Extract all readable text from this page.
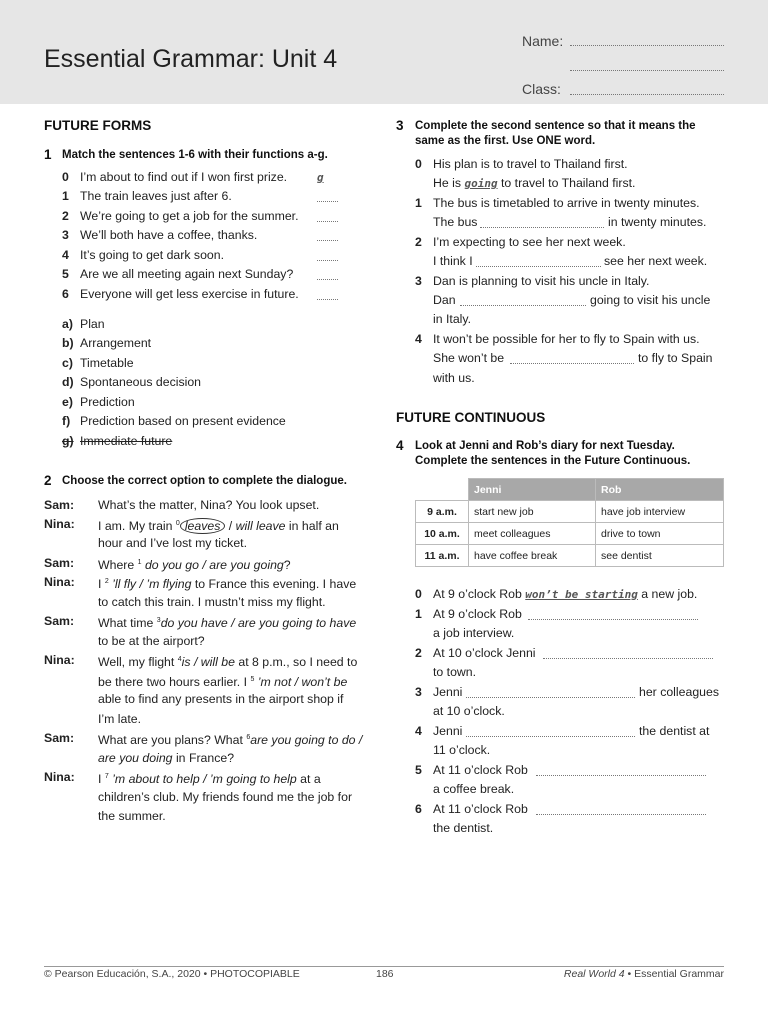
Essential Grammar: Unit 4
Name:
Class:
FUTURE FORMS
1 Match the sentences 1-6 with their functions a-g.
0 I’m about to find out if I won first prize.	g
1 The train leaves just after 6.
2 We’re going to get a job for the summer.
3 We’ll both have a coffee, thanks.
4 It’s going to get dark soon.
5 Are we all meeting again next Sunday?
6 Everyone will get less exercise in future.
a) Plan
b) Arrangement
c) Timetable
d) Spontaneous decision
e) Prediction
f) Prediction based on present evidence
g) Immediate future
2 Choose the correct option to complete the dialogue.
Sam: What’s the matter, Nina? You look upset.
Nina: I am. My train $^0$ leaves / will leave in half an
hour and I’ve lost my ticket.
Sam: Where $^1$ do you go / are you going?
Nina: I $^2$ ’ll fly / ’m flying to France this evening. I have
to catch this train. I mustn’t miss my flight.
Sam: What time $^3$do you have / are you going to have
to be at the airport?
Nina: Well, my flight $^4$is / will be at 8 p.m., so I need to
be there two hours earlier. I $^5$ ’m not / won’t be
able to find any presents in the airport shop if
I’m late.
Sam: What are you plans? What $^6$are you going to do /
are you doing in France?
Nina: I $^7$ ’m about to help / ’m going to help at a
children’s club. My friends found me the job for
the summer.
3 Complete the second sentence so that it means the
same as the first. Use ONE word.
0 His plan is to travel to Thailand first.
He is going to travel to Thailand first.
1 The bus is timetabled to arrive in twenty minutes.
The bus	in twenty minutes.
2 I’m expecting to see her next week.
I think I	see her next week.
3 Dan is planning to visit his uncle in Italy.
Dan	going to visit his uncle
in Italy.
4 It won’t be possible for her to fly to Spain with us.
She won’t be	to fly to Spain
with us.
FUTURE CONTINUOUS
4 Look at Jenni and Rob’s diary for next Tuesday.
Complete the sentences in the Future Continuous.
	Jenni	Rob
9 a.m.	start new job	have job interview
10 a.m.	meet colleagues	drive to town
11 a.m.	have coffee break	see dentist
0 At 9 o’clock Rob won’t be starting a new job.
1 At 9 o’clock Rob
a job interview.
2 At 10 o’clock Jenni
to town.
3 Jenni	her colleagues
at 10 o’clock.
4 Jenni	the dentist at
11 o’clock.
5 At 11 o’clock Rob
a coffee break.
6 At 11 o’clock Rob
the dentist.
© Pearson Educación, S.A., 2020 • PHOTOCOPIABLE	186	Real World 4 • Essential Grammar
